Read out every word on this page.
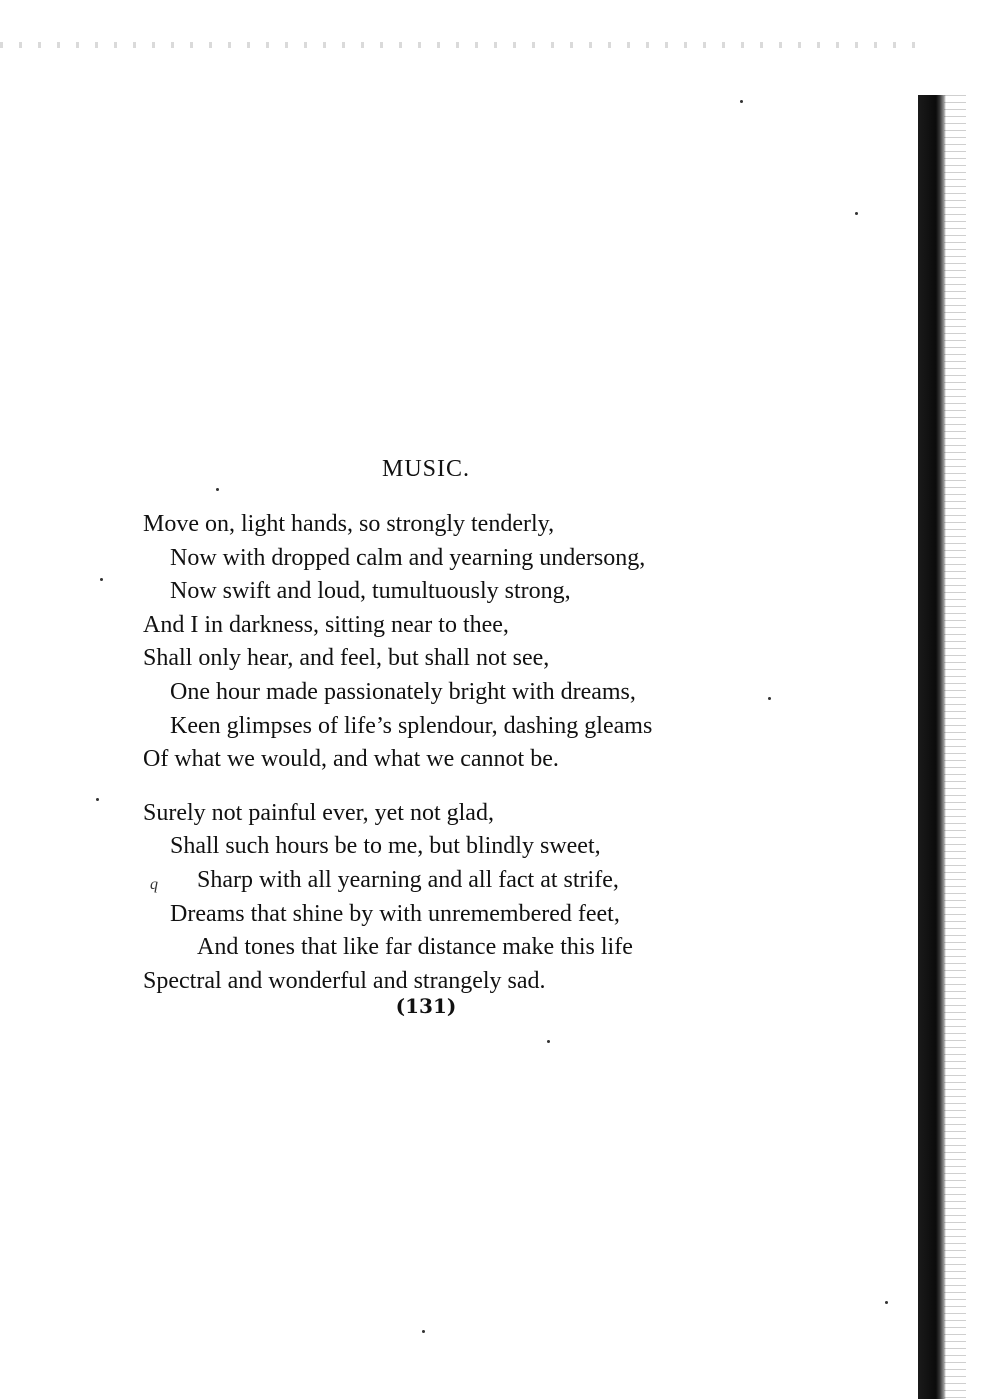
MUSIC.
Move on, light hands, so strongly tenderly,
Now with dropped calm and yearning undersong,
Now swift and loud, tumultuously strong,
And I in darkness, sitting near to thee,
Shall only hear, and feel, but shall not see,
One hour made passionately bright with dreams,
Keen glimpses of life’s splendour, dashing gleams
Of what we would, and what we cannot be.
Surely not painful ever, yet not glad,
Shall such hours be to me, but blindly sweet,
Sharp with all yearning and all fact at strife,
Dreams that shine by with unremembered feet,
And tones that like far distance make this life
Spectral and wonderful and strangely sad.
q
(131)
